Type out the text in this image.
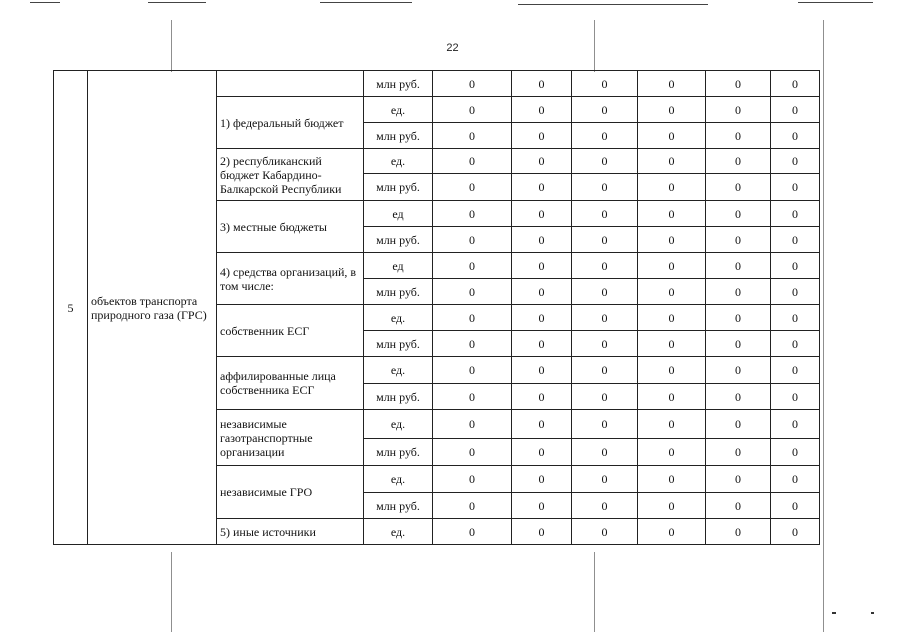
22
5	объектов транспорта природного газа (ГРС)		млн руб.	0	0	0	0	0	0
		1) федеральный бюджет	ед.	0	0	0	0	0	0
			млн руб.	0	0	0	0	0	0
		2) республиканский бюджет Кабардино-Балкарской Республики	ед.	0	0	0	0	0	0
			млн руб.	0	0	0	0	0	0
		3) местные бюджеты	ед	0	0	0	0	0	0
			млн руб.	0	0	0	0	0	0
		4) средства организаций, в том числе:	ед	0	0	0	0	0	0
			млн руб.	0	0	0	0	0	0
		собственник ЕСГ	ед.	0	0	0	0	0	0
			млн руб.	0	0	0	0	0	0
		аффилированные лица собственника ЕСГ	ед.	0	0	0	0	0	0
			млн руб.	0	0	0	0	0	0
		независимые газотранспортные организации	ед.	0	0	0	0	0	0
			млн руб.	0	0	0	0	0	0
		независимые ГРО	ед.	0	0	0	0	0	0
			млн руб.	0	0	0	0	0	0
		5) иные источники	ед.	0	0	0	0	0	0
